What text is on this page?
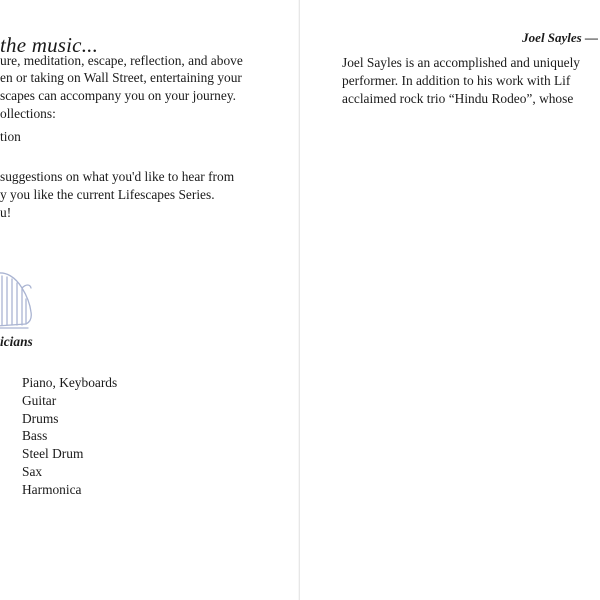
the music...
ure, meditation, escape, reflection, and above
en or taking on Wall Street, entertaining your
scapes can accompany you on your journey.
ollections:
tion
suggestions on what you'd like to hear from
y you like the current Lifescapes Series.
u!
icians
Piano, Keyboards
Guitar
Drums
Bass
Steel Drum
Sax
Harmonica
Joel Sayles —
Joel Sayles is an accomplished and uniquely
performer. In addition to his work with Lif
acclaimed rock trio “Hindu Rodeo”, whose
